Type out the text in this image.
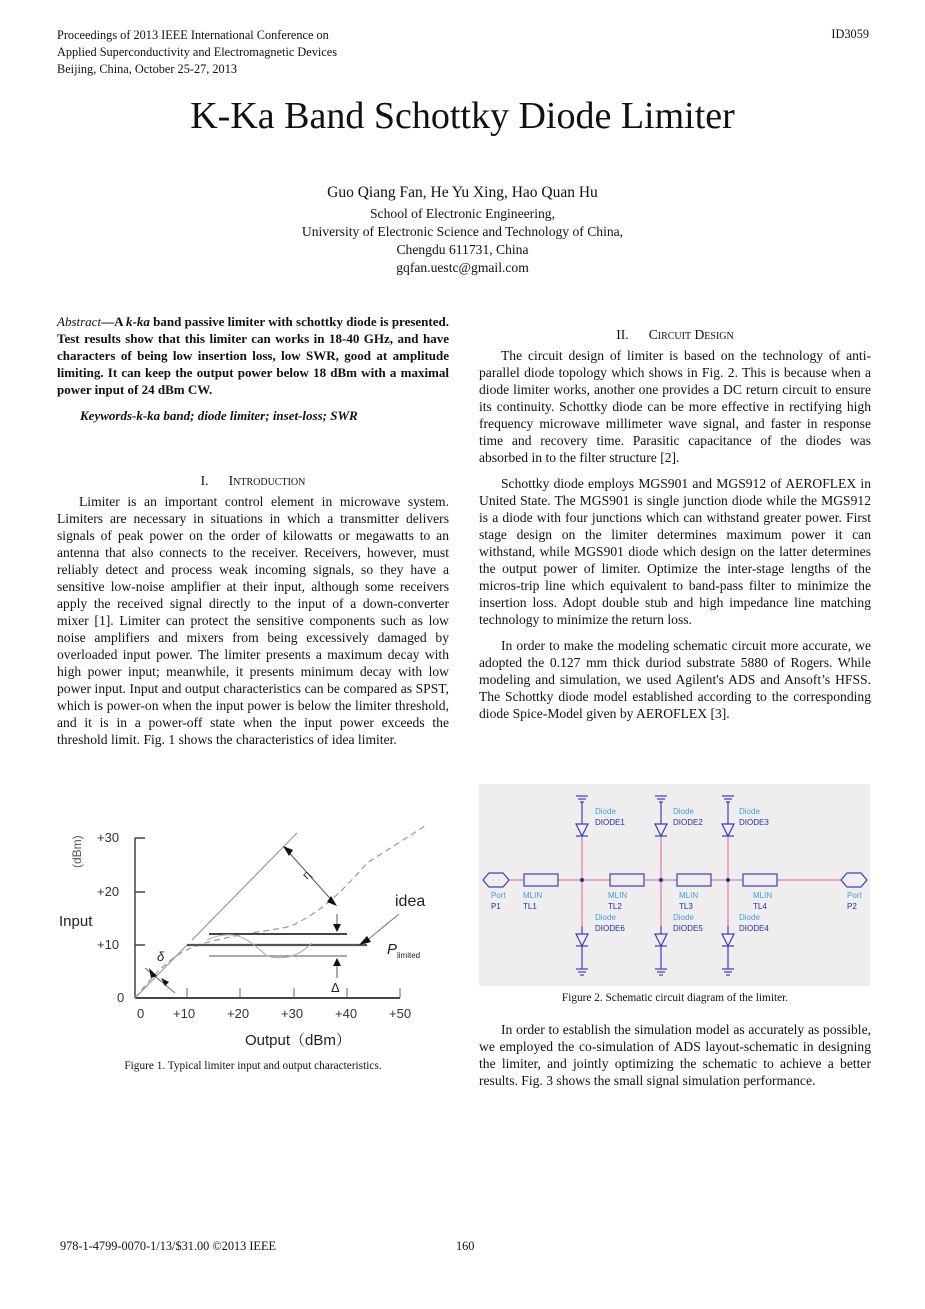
Proceedings of 2013 IEEE International Conference on
Applied Superconductivity and Electromagnetic Devices
Beijing, China, October 25-27, 2013
ID3059
K-Ka Band Schottky Diode Limiter
Guo Qiang Fan, He Yu Xing, Hao Quan Hu
School of Electronic Engineering,
University of Electronic Science and Technology of China,
Chengdu 611731, China
gqfan.uestc@gmail.com
Abstract—A k-ka band passive limiter with schottky diode is presented. Test results show that this limiter can works in 18-40 GHz, and have characters of being low insertion loss, low SWR, good at amplitude limiting. It can keep the output power below 18 dBm with a maximal power input of 24 dBm CW.
Keywords-k-ka band; diode limiter; inset-loss; SWR
I. Introduction

Limiter is an important control element in microwave system. Limiters are necessary in situations in which a transmitter delivers signals of peak power on the order of kilowatts or megawatts to an antenna that also connects to the receiver. Receivers, however, must reliably detect and process weak incoming signals, so they have a sensitive low-noise amplifier at their input, although some receivers apply the received signal directly to the input of a down-converter mixer [1]. Limiter can protect the sensitive components such as low noise amplifiers and mixers from being excessively damaged by overloaded input power. The limiter presents a maximum decay with high power input; meanwhile, it presents minimum decay with low power input. Input and output characteristics can be compared as SPST, which is power-on when the input power is below the limiter threshold, and it is in a power-off state when the input power exceeds the threshold limit. Fig. 1 shows the characteristics of idea limiter.

+30
+20
+10
0
0 +10 +20 +30 +40 +50
Input
(dBm)
Output（dBm）
η
Δ
idea
P limited
δ
Figure 1. Typical limiter input and output characteristics.
II. Circuit Design

The circuit design of limiter is based on the technology of anti-parallel diode topology which shows in Fig. 2. This is because when a diode limiter works, another one provides a DC return circuit to ensure its continuity. Schottky diode can be more effective in rectifying high frequency microwave millimeter wave signal, and faster in response time and recovery time. Parasitic capacitance of the diodes was absorbed in to the filter structure [2].

Schottky diode employs MGS901 and MGS912 of AEROFLEX in United State. The MGS901 is single junction diode while the MGS912 is a diode with four junctions which can withstand greater power. First stage design on the limiter determines maximum power it can withstand, while MGS901 diode which design on the latter determines the output power of limiter. Optimize the inter-stage lengths of the micros-trip line which equivalent to band-pass filter to minimize the insertion loss. Adopt double stub and high impedance line matching technology to minimize the return loss.

In order to make the modeling schematic circuit more accurate, we adopted the 0.127 mm thick duriod substrate 5880 of Rogers. While modeling and simulation, we used Agilent's ADS and Ansoft’s HFSS. The Schottky diode model established according to the corresponding diode Spice-Model given by AEROFLEX [3].

Diode
DIODE1
Diode
DIODE2
Diode
DIODE3
Diode
DIODE6
Diode
DIODE5
Diode
DIODE4
Port
P1
Port
P2
MLIN
TL1
MLIN
TL2
MLIN
TL3
MLIN
TL4
Figure 2. Schematic circuit diagram of the limiter.

In order to establish the simulation model as accurately as possible, we employed the co-simulation of ADS layout-schematic in designing the limiter, and jointly optimizing the schematic to achieve a better results. Fig. 3 shows the small signal simulation performance.

978-1-4799-0070-1/13/$31.00 ©2013 IEEE	160
